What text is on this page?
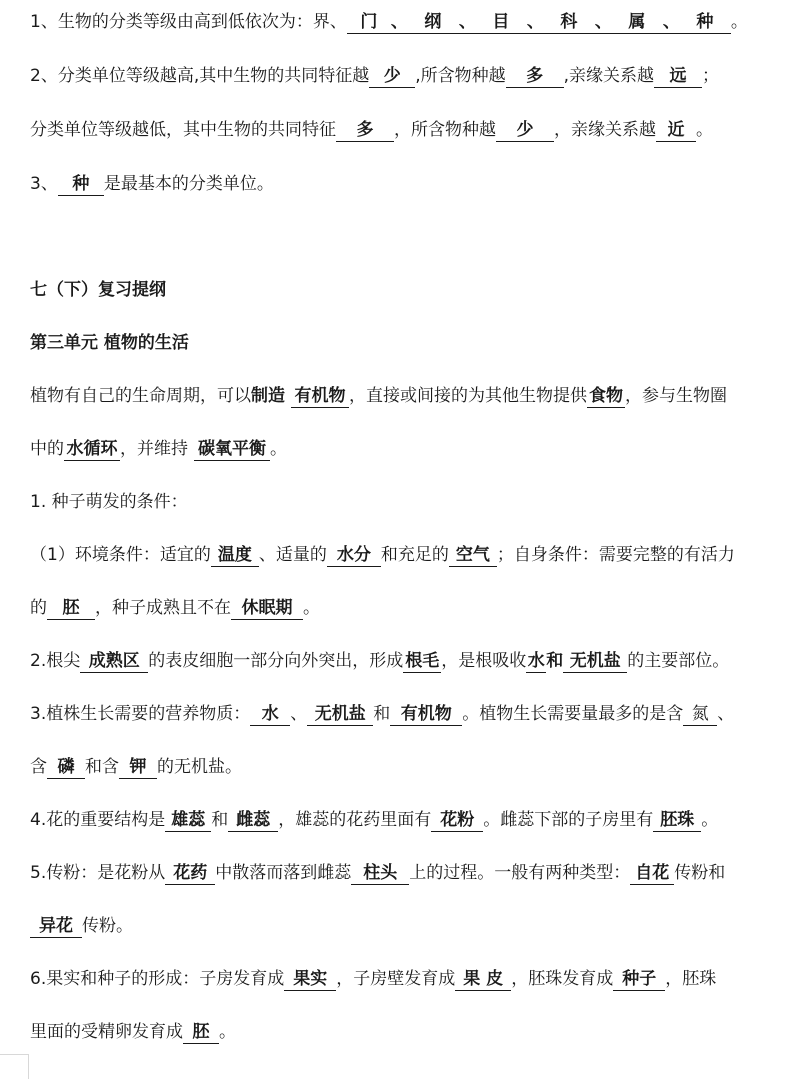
1、生物的分类等级由高到低依次为：界、 门 、 纲 、 目 、 科 、 属 、 种 。
2、分类单位等级越高,其中生物的共同特征越 少 ,所含物种越 多 ,亲缘关系越 远 ；
分类单位等级越低，其中生物的共同特征 多 ，所含物种越 少 ，亲缘关系越 近 。
3、 种 是最基本的分类单位。
七（下）复习提纲
第三单元 植物的生活
植物有自己的生命周期，可以制造 有机物 ，直接或间接的为其他生物提供 食物 ，参与生物圈
中的 水循环 ，并维持 碳氧平衡 。
1. 种子萌发的条件：
（1）环境条件：适宜的 温度 、适量的 水分 和充足的 空气 ；自身条件：需要完整的有活力
的 胚 ，种子成熟且不在 休眠期 。
2.根尖 成熟区 的表皮细胞一部分向外突出，形成 根毛 ，是根吸收水和 无机盐 的主要部位。
3.植株生长需要的营养物质： 水 、 无机盐 和 有机物 。植物生长需要量最多的是含 氮 、
含 磷 和含 钾 的无机盐。
4.花的重要结构是 雄蕊 和 雌蕊 ，雄蕊的花药里面有 花粉 。雌蕊下部的子房里有 胚珠 。
5.传粉：是花粉从 花药 中散落而落到雌蕊 柱头 上的过程。一般有两种类型： 自花 传粉和
异花 传粉。
6.果实和种子的形成：子房发育成 果实 ，子房壁发育成 果 皮 ，胚珠发育成 种子 ，胚珠
里面的受精卵发育成 胚 。
